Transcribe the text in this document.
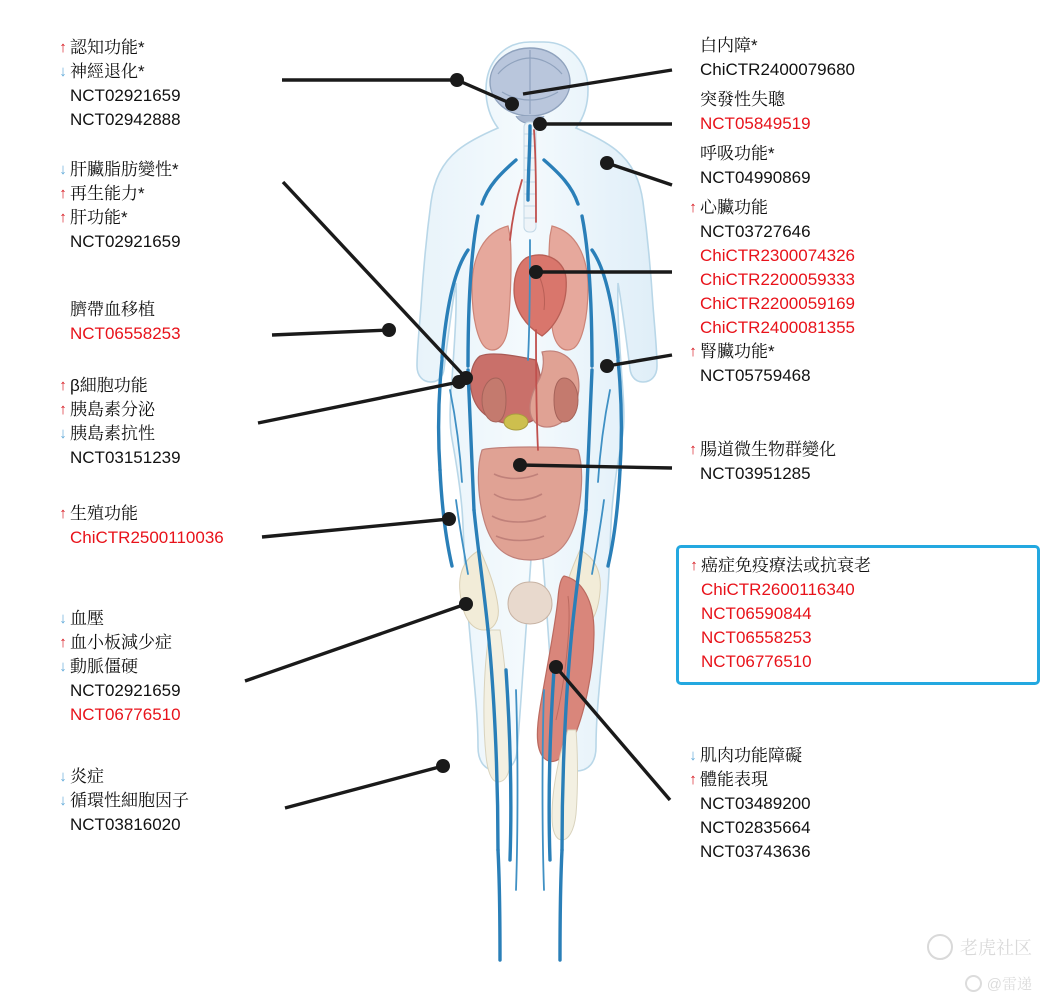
↑ 認知功能*
↓ 神經退化*
NCT02921659
NCT02942888
↓ 肝臟脂肪變性*
↑ 再生能力*
↑ 肝功能*
NCT02921659
臍帶血移植
NCT06558253
↑ β細胞功能
↑ 胰島素分泌
↓ 胰島素抗性
NCT03151239
↑ 生殖功能
ChiCTR2500110036
↓ 血壓
↑ 血小板減少症
↓ 動脈僵硬
NCT02921659
NCT06776510
↓ 炎症
↓ 循環性細胞因子
NCT03816020
白内障*
ChiCTR2400079680
突發性失聰
NCT05849519
呼吸功能*
NCT04990869
↑ 心臟功能
NCT03727646
ChiCTR2300074326
ChiCTR2200059333
ChiCTR2200059169
ChiCTR2400081355
↑ 腎臟功能*
NCT05759468
↑ 腸道微生物群變化
NCT03951285
↑ 癌症免疫療法或抗衰老
ChiCTR2600116340
NCT06590844
NCT06558253
NCT06776510
↓ 肌肉功能障礙
↑ 體能表現
NCT03489200
NCT02835664
NCT03743636
老虎社区
@雷递
